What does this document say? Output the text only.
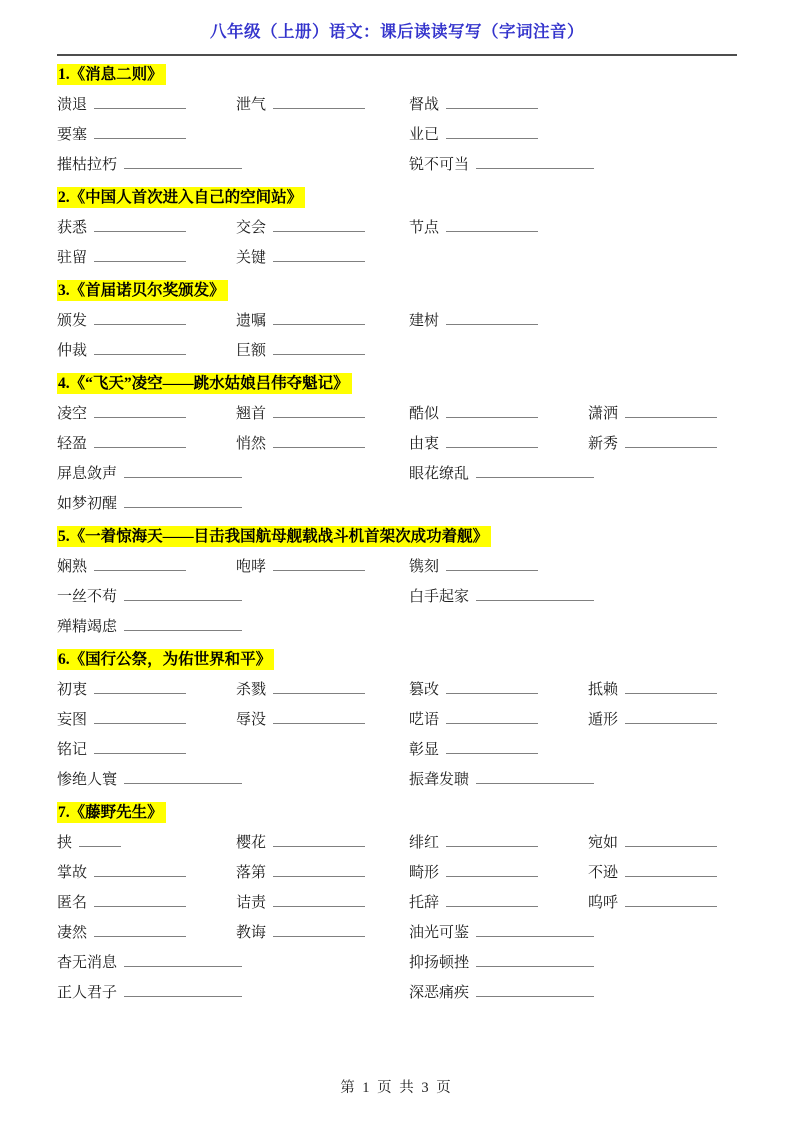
八年级（上册）语文：课后读读写写（字词注音）
1.《消息二则》
溃退	泄气	督战
要塞	业已
摧枯拉朽	锐不可当
2.《中国人首次进入自己的空间站》
获悉	交会	节点
驻留	关键
3.《首届诺贝尔奖颁发》
颁发	遗嘱	建树
仲裁	巨额
4.《“飞天”凌空——跳水姑娘吕伟夺魁记》
凌空	翘首	酷似	潇洒
轻盈	悄然	由衷	新秀
屏息敛声	眼花缭乱
如梦初醒
5.《一着惊海天——目击我国航母舰载战斗机首架次成功着舰》
娴熟	咆哮	镌刻
一丝不苟	白手起家
殚精竭虑
6.《国行公祭，为佑世界和平》
初衷	杀戮	篡改	抵赖
妄图	辱没	呓语	遁形
铭记	彰显
惨绝人寰	振聋发聩
7.《藤野先生》
挟	樱花	绯红	宛如
掌故	落第	畸形	不逊
匿名	诘责	托辞	呜呼
凄然	教诲	油光可鉴
杳无消息	抑扬顿挫
正人君子	深恶痛疾
第 1 页 共 3 页
